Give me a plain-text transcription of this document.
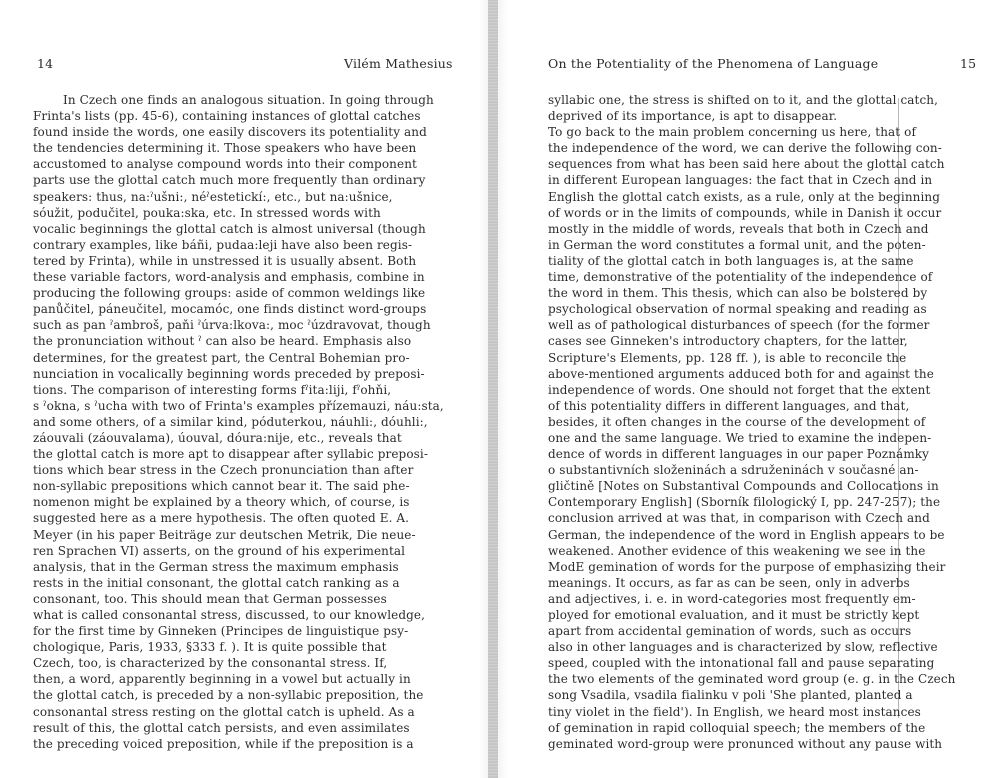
14	Vilém Mathesius
In Czech one finds an analogous situation. In going through
Frinta's lists (pp. 45-6), containing instances of glottal catches
found inside the words, one easily discovers its potentiality and
the tendencies determining it. Those speakers who have been
accustomed to analyse compound words into their component
parts use the glottal catch much more frequently than ordinary
speakers: thus, na:ˀušni:, néˀestetickí:, etc., but na:ušnice,
sóužit, podučitel, pouka:ska, etc. In stressed words with
vocalic beginnings the glottal catch is almost universal (though
contrary examples, like báñi, pudaa:leji have also been regis-
tered by Frinta), while in unstressed it is usually absent. Both
these variable factors, word-analysis and emphasis, combine in
producing the following groups: aside of common weldings like
panůčitel, páneučitel, mocamóc, one finds distinct word-groups
such as pan ˀambroš, paňi ˀúrva:lkova:, moc ˀúzdravovat, though
the pronunciation without ˀ can also be heard. Emphasis also
determines, for the greatest part, the Central Bohemian pro-
nunciation in vocalically beginning words preceded by preposi-
tions. The comparison of interesting forms fˀita:liji, fˀohňi,
s ˀokna, s ˀucha with two of Frinta's examples přízemauzi, náu:sta,
and some others, of a similar kind, póduterkou, náuhli:, dóuhli:,
záouvali (záouvalama), úouval, dóura:nije, etc., reveals that
the glottal catch is more apt to disappear after syllabic preposi-
tions which bear stress in the Czech pronunciation than after
non-syllabic prepositions which cannot bear it. The said phe-
nomenon might be explained by a theory which, of course, is
suggested here as a mere hypothesis. The often quoted E. A.
Meyer (in his paper Beiträge zur deutschen Metrik, Die neue-
ren Sprachen VI) asserts, on the ground of his experimental
analysis, that in the German stress the maximum emphasis
rests in the initial consonant, the glottal catch ranking as a
consonant, too. This should mean that German possesses
what is called consonantal stress, discussed, to our knowledge,
for the first time by Ginneken (Principes de linguistique psy-
chologique, Paris, 1933, §333 f. ). It is quite possible that
Czech, too, is characterized by the consonantal stress. If,
then, a word, apparently beginning in a vowel but actually in
the glottal catch, is preceded by a non-syllabic preposition, the
consonantal stress resting on the glottal catch is upheld. As a
result of this, the glottal catch persists, and even assimilates
the preceding voiced preposition, while if the preposition is a
On the Potentiality of the Phenomena of Language	15
syllabic one, the stress is shifted on to it, and the glottal catch,
deprived of its importance, is apt to disappear.
To go back to the main problem concerning us here, that of
the independence of the word, we can derive the following con-
sequences from what has been said here about the glottal catch
in different European languages: the fact that in Czech and in
English the glottal catch exists, as a rule, only at the beginning
of words or in the limits of compounds, while in Danish it occur
mostly in the middle of words, reveals that both in Czech and
in German the word constitutes a formal unit, and the poten-
tiality of the glottal catch in both languages is, at the same
time, demonstrative of the potentiality of the independence of
the word in them. This thesis, which can also be bolstered by
psychological observation of normal speaking and reading as
well as of pathological disturbances of speech (for the former
cases see Ginneken's introductory chapters, for the latter,
Scripture's Elements, pp. 128 ff. ), is able to reconcile the
above-mentioned arguments adduced both for and against the
independence of words. One should not forget that the extent
of this potentiality differs in different languages, and that,
besides, it often changes in the course of the development of
one and the same language. We tried to examine the indepen-
dence of words in different languages in our paper Poznámky
o substantivních složeninách a sdruženinách v současné an-
gličtině [Notes on Substantival Compounds and Collocations in
Contemporary English] (Sborník filologický I, pp. 247-257); the
conclusion arrived at was that, in comparison with Czech and
German, the independence of the word in English appears to be
weakened. Another evidence of this weakening we see in the
ModE gemination of words for the purpose of emphasizing their
meanings. It occurs, as far as can be seen, only in adverbs
and adjectives, i. e. in word-categories most frequently em-
ployed for emotional evaluation, and it must be strictly kept
apart from accidental gemination of words, such as occurs
also in other languages and is characterized by slow, reflective
speed, coupled with the intonational fall and pause separating
the two elements of the geminated word group (e. g. in the Czech
song Vsadila, vsadila fialinku v poli 'She planted, planted a
tiny violet in the field'). In English, we heard most instances
of gemination in rapid colloquial speech; the members of the
geminated word-group were pronunced without any pause with
